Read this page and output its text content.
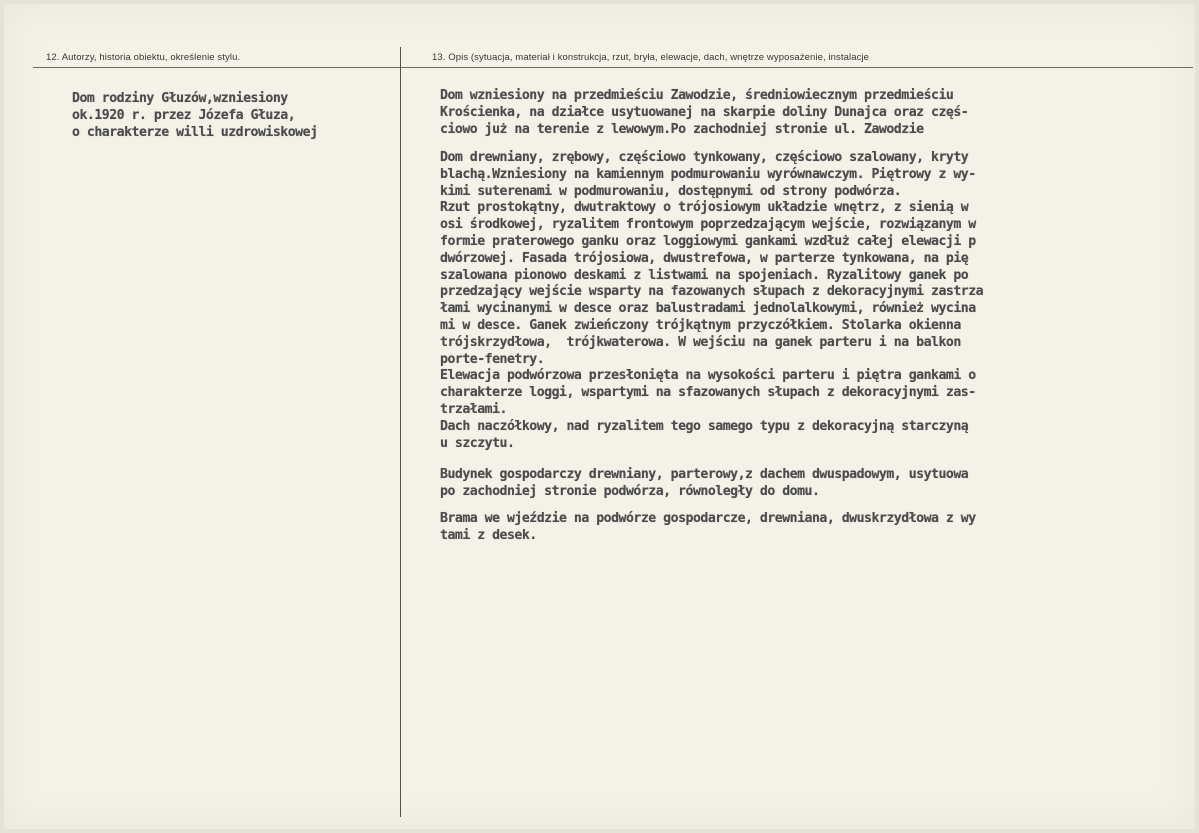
12. Autorzy, historia obiektu, określenie stylu.	13. Opis (sytuacja, materiał i konstrukcja, rzut, bryła, elewacje, dach, wnętrze wyposażenie, instalacje
Dom rodziny Głuzów,wzniesiony
ok.1920 r. przez Józefa Głuza,
o charakterze willi uzdrowiskowej
Dom wzniesiony na przedmieściu Zawodzie, średniowiecznym przedmieściu
Krościenka, na działce usytuowanej na skarpie doliny Dunajca oraz częś-
ciowo już na terenie z lewowym.Po zachodniej stronie ul. Zawodzie
Dom drewniany, zrębowy, częściowo tynkowany, częściowo szalowany, kryty
blachą.Wzniesiony na kamiennym podmurowaniu wyrównawczym. Piętrowy z wy-
kimi suterenami w podmurowaniu, dostępnymi od strony podwórza.
Rzut prostokątny, dwutraktowy o trójosiowym układzie wnętrz, z sienią w
osi środkowej, ryzalitem frontowym poprzedzającym wejście, rozwiązanym w
formie praterowego ganku oraz loggiowymi gankami wzdłuż całej elewacji p
dwórzowej. Fasada trójosiowa, dwustrefowa, w parterze tynkowana, na pię
szalowana pionowo deskami z listwami na spojeniach. Ryzalitowy ganek po
przedzający wejście wsparty na fazowanych słupach z dekoracyjnymi zastrza
łami wycinanymi w desce oraz balustradami jednolalkowymi, również wycina
mi w desce. Ganek zwieńczony trójkątnym przyczółkiem. Stolarka okienna
trójskrzydłowa,  trójkwaterowa. W wejściu na ganek parteru i na balkon
porte-fenetry.
Elewacja podwórzowa przesłonięta na wysokości parteru i piętra gankami o
charakterze loggi, wspartymi na sfazowanych słupach z dekoracyjnymi zas-
trzałami.
Dach naczółkowy, nad ryzalitem tego samego typu z dekoracyjną starczyną
u szczytu.
Budynek gospodarczy drewniany, parterowy,z dachem dwuspadowym, usytuowa
po zachodniej stronie podwórza, równoległy do domu.
Brama we wjeździe na podwórze gospodarcze, drewniana, dwuskrzydłowa z wy
tami z desek.
